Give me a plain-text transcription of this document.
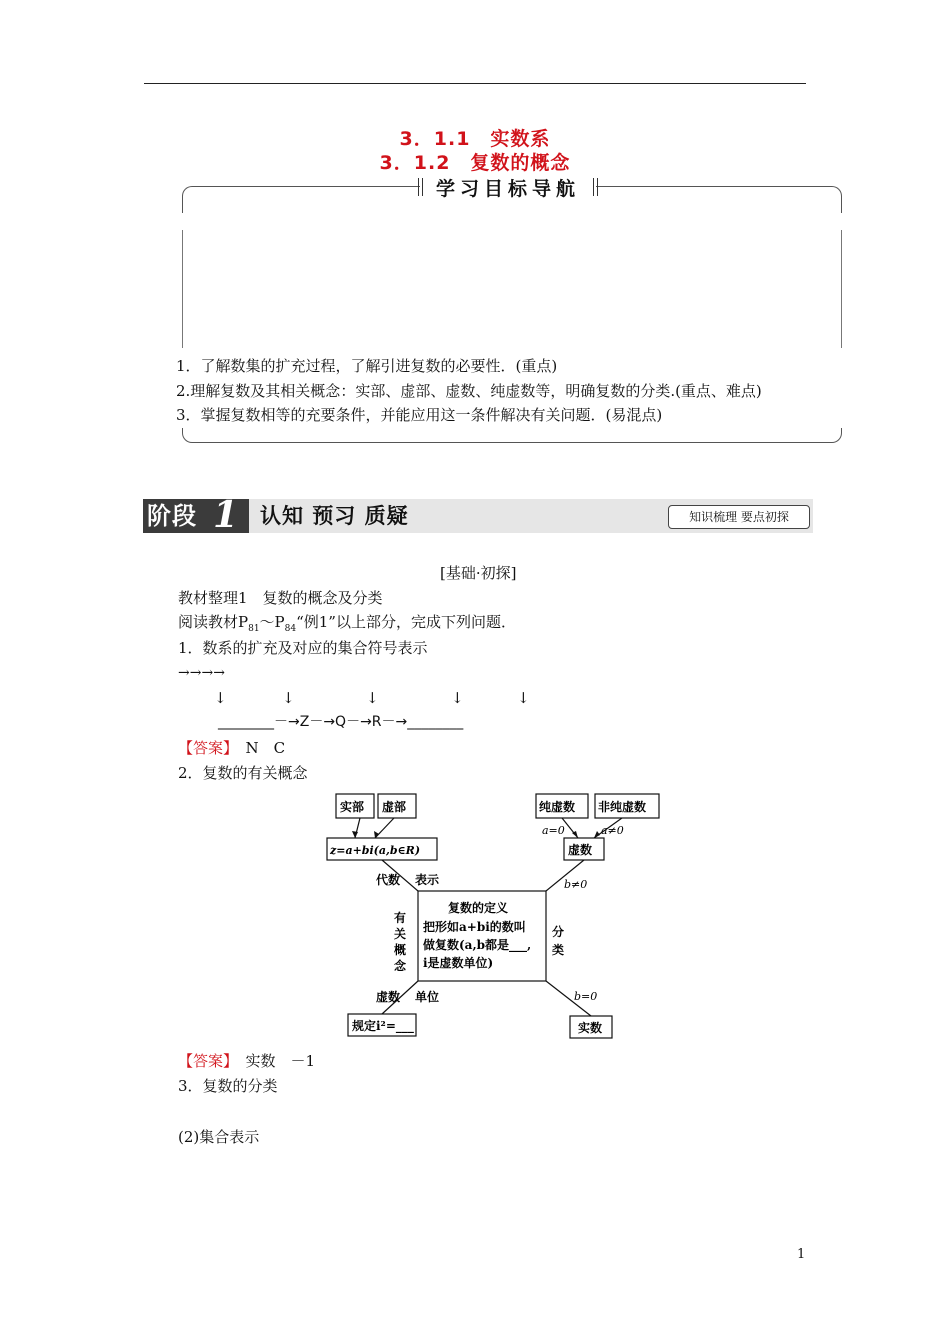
3．1.1　实数系
3．1.2　复数的概念
学习目标导航
1．了解数集的扩充过程，了解引进复数的必要性．(重点)
2.理解复数及其相关概念：实部、虚部、虚数、纯虚数等，明确复数的分类.(重点、难点)
3．掌握复数相等的充要条件，并能应用这一条件解决有关问题．(易混点)
阶段 1 认知 预习 质疑	知识梳理 要点初探
[基础·初探]
教材整理1　复数的概念及分类
阅读教材$P_{81}\sim P_{84}“$例1”以上部分，完成下列问题．
1．数系的扩充及对应的集合符号表示
→→→→
↓	↓	↓	↓	↓
________－→Z－→Q－→R－→________
【答案】　N　C
2．复数的有关概念
实部 虚部	纯虚数 非纯虚数
z=a+bi(a,b∈R)
a=0	a≠0
虚数
b≠0
代数 表示
有关概念
分类
复数的定义
把形如a+bi的数叫
做复数(a,b都是___,
i是虚数单位)
虚数 单位
规定i²=___
b=0
实数
【答案】　实数　－1
3．复数的分类
(2)集合表示
1
